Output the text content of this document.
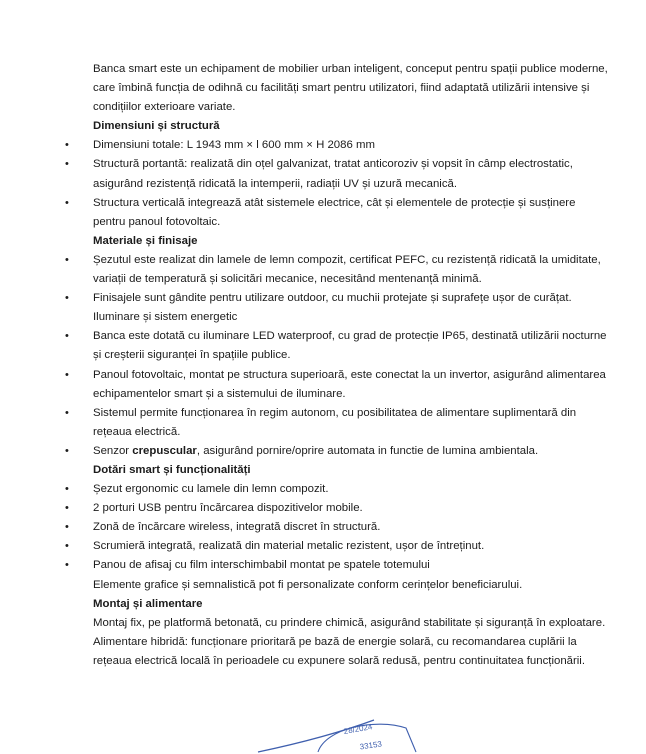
Banca smart este un echipament de mobilier urban inteligent, conceput pentru spații publice moderne, care îmbină funcția de odihnă cu facilități smart pentru utilizatori, fiind adaptată utilizării intensive și condițiilor exterioare variate.

Dimensiuni și structură
• Dimensiuni totale: L 1943 mm × l 600 mm × H 2086 mm
• Structură portantă: realizată din oțel galvanizat, tratat anticoroziv și vopsit în câmp electrostatic, asigurând rezistență ridicată la intemperii, radiații UV și uzură mecanică.
• Structura verticală integrează atât sistemele electrice, cât și elementele de protecție și susținere pentru panoul fotovoltaic.
Materiale și finisaje
• Șezutul este realizat din lamele de lemn compozit, certificat PEFC, cu rezistență ridicată la umiditate, variații de temperatură și solicitări mecanice, necesitând mentenanță minimă.
• Finisajele sunt gândite pentru utilizare outdoor, cu muchii protejate și suprafețe ușor de curățat.

Iluminare și sistem energetic

• Banca este dotată cu iluminare LED waterproof, cu grad de protecție IP65, destinată utilizării nocturne și creșterii siguranței în spațiile publice.
• Panoul fotovoltaic, montat pe structura superioară, este conectat la un invertor, asigurând alimentarea echipamentelor smart și a sistemului de iluminare.
• Sistemul permite funcționarea în regim autonom, cu posibilitatea de alimentare suplimentară din rețeaua electrică.
• Senzor crepuscular, asigurând pornire/oprire automata in functie de lumina ambientala.
Dotări smart și funcționalități
• Șezut ergonomic cu lamele din lemn compozit.
• 2 porturi USB pentru încărcarea dispozitivelor mobile.
• Zonă de încărcare wireless, integrată discret în structură.
• Scrumieră integrată, realizată din material metalic rezistent, ușor de întreținut.
• Panou de afisaj cu film interschimbabil montat pe spatele totemului

Elemente grafice și semnalistică pot fi personalizate conform cerințelor beneficiarului.

Montaj și alimentare

Montaj fix, pe platformă betonată, cu prindere chimică, asigurând stabilitate și siguranță în exploatare.

Alimentare hibridă: funcționare prioritară pe bază de energie solară, cu recomandarea cuplării la rețeaua electrică locală în perioadele cu expunere solară redusă, pentru continuitatea funcționării.

28/2024
33153
